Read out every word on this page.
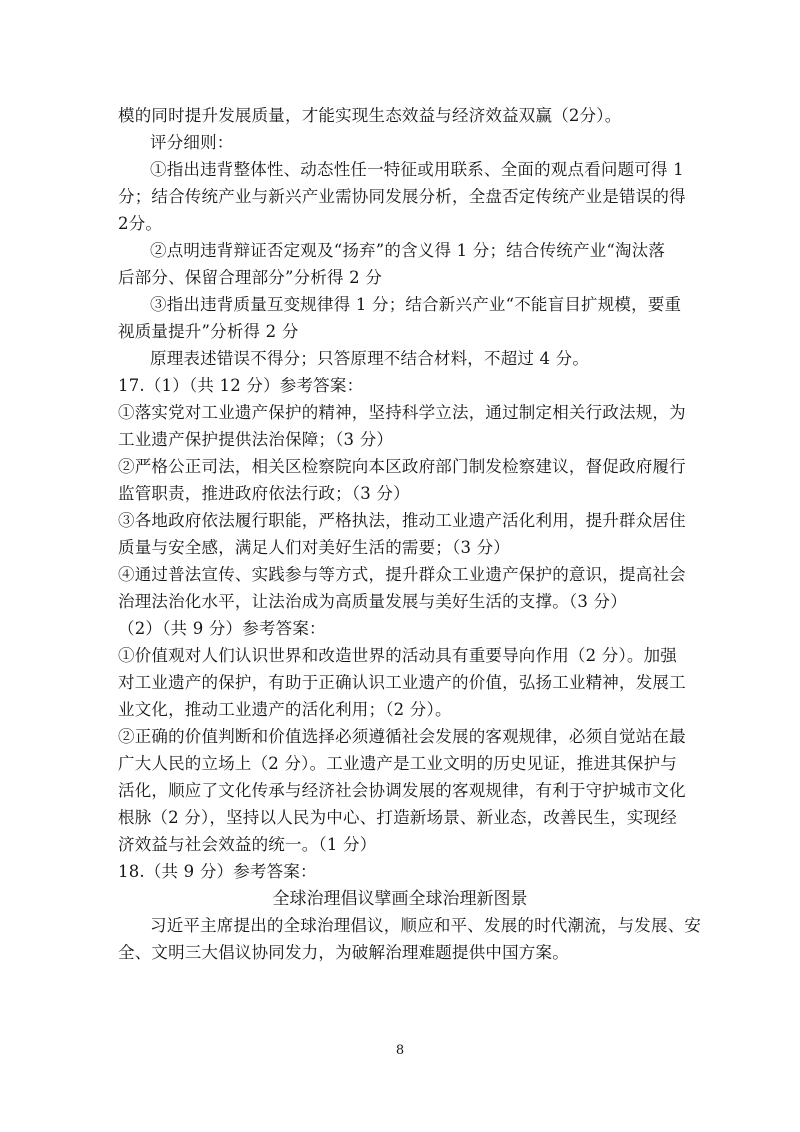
模的同时提升发展质量，才能实现生态效益与经济效益双赢（2分）。
评分细则：
①指出违背整体性、动态性任一特征或用联系、全面的观点看问题可得 1
分；结合传统产业与新兴产业需协同发展分析，全盘否定传统产业是错误的得
2分。
②点明违背辩证否定观及“扬弃”的含义得 1 分；结合传统产业“淘汰落
后部分、保留合理部分”分析得 2 分
③指出违背质量互变规律得 1 分；结合新兴产业“不能盲目扩规模，要重
视质量提升”分析得 2 分
原理表述错误不得分；只答原理不结合材料，不超过 4 分。
17.（1）（共 12 分）参考答案：
①落实党对工业遗产保护的精神，坚持科学立法，通过制定相关行政法规，为
工业遗产保护提供法治保障；（3 分）
②严格公正司法，相关区检察院向本区政府部门制发检察建议，督促政府履行
监管职责，推进政府依法行政；（3 分）
③各地政府依法履行职能，严格执法，推动工业遗产活化利用，提升群众居住
质量与安全感，满足人们对美好生活的需要；（3 分）
④通过普法宣传、实践参与等方式，提升群众工业遗产保护的意识，提高社会
治理法治化水平，让法治成为高质量发展与美好生活的支撑。（3 分）
（2）（共 9 分）参考答案：
①价值观对人们认识世界和改造世界的活动具有重要导向作用（2 分）。加强
对工业遗产的保护，有助于正确认识工业遗产的价值，弘扬工业精神，发展工
业文化，推动工业遗产的活化利用；（2 分）。
②正确的价值判断和价值选择必须遵循社会发展的客观规律，必须自觉站在最
广大人民的立场上（2 分）。工业遗产是工业文明的历史见证，推进其保护与
活化，顺应了文化传承与经济社会协调发展的客观规律，有利于守护城市文化
根脉（2 分），坚持以人民为中心、打造新场景、新业态，改善民生，实现经
济效益与社会效益的统一。（1 分）
18.（共 9 分）参考答案：
全球治理倡议擘画全球治理新图景
习近平主席提出的全球治理倡议，顺应和平、发展的时代潮流，与发展、安
全、文明三大倡议协同发力，为破解治理难题提供中国方案。
8
